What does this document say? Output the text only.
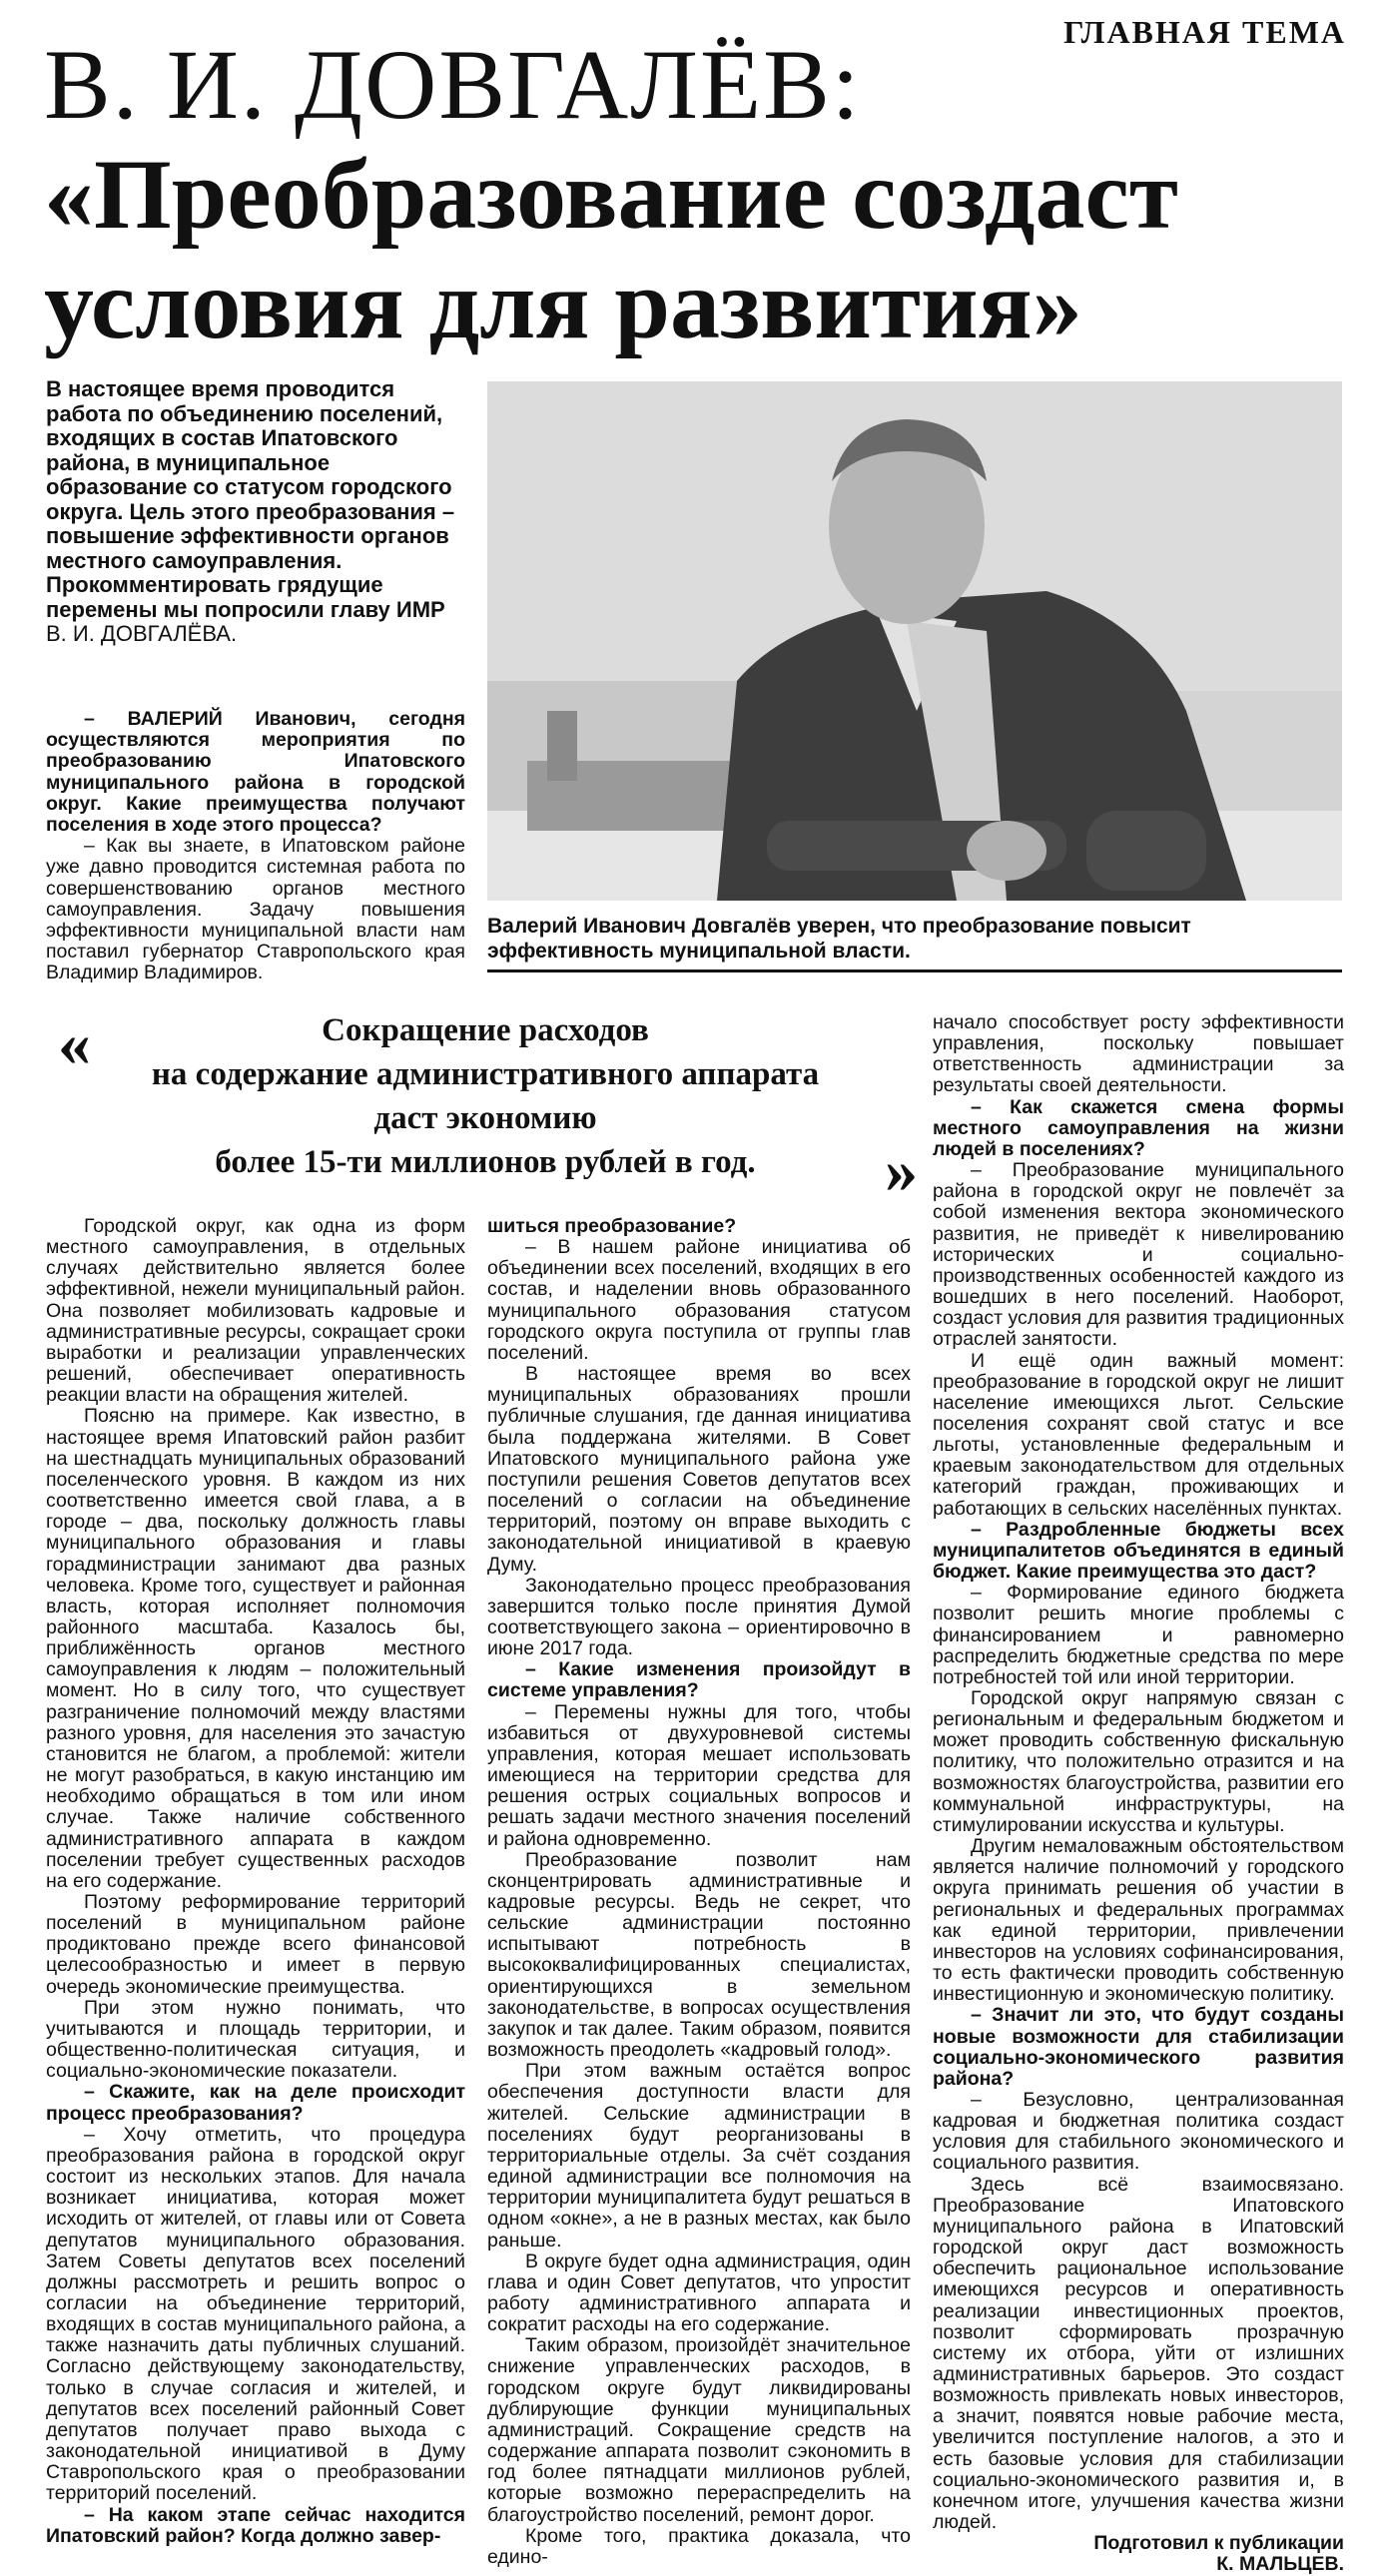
ГЛАВНАЯ ТЕМА
В. И. ДОВГАЛЁВ:
«Преобразование создаст
условия для развития»
В настоящее время проводится работа по объединению поселений, входящих в состав Ипатовского района, в муниципальное образование со статусом городского округа. Цель этого преобразования – повышение эффективности органов местного самоуправления. Прокомментировать грядущие перемены мы попросили главу ИМР В. И. ДОВГАЛЁВА.

– ВАЛЕРИЙ Иванович, сегодня осуществляются мероприятия по преобразованию Ипатовского муниципального района в городской округ. Какие преимущества получают поселения в ходе этого процесса?

– Как вы знаете, в Ипатовском районе уже давно проводится системная работа по совершенствованию органов местного самоуправления. Задачу повышения эффективности муниципальной власти нам поставил губернатор Ставропольского края Владимир Владимиров.

Валерий Иванович Довгалёв уверен, что преобразование повысит эффективность муниципальной власти.
«	Сокращение расходов
на содержание административного аппарата
даст экономию
более 15-ти миллионов рублей в год.	»

Городской округ, как одна из форм местного самоуправления, в отдельных случаях действительно является более эффективной, нежели муниципальный район. Она позволяет мобилизовать кадровые и административные ресурсы, сокращает сроки выработки и реализации управленческих решений, обеспечивает оперативность реакции власти на обращения жителей.

Поясню на примере. Как известно, в настоящее время Ипатовский район разбит на шестнадцать муниципальных образований поселенческого уровня. В каждом из них соответственно имеется свой глава, а в городе – два, поскольку должность главы муниципального образования и главы горадминистрации занимают два разных человека. Кроме того, существует и районная власть, которая исполняет полномочия районного масштаба. Казалось бы, приближённость органов местного самоуправления к людям – положительный момент. Но в силу того, что существует разграничение полномочий между властями разного уровня, для населения это зачастую становится не благом, а проблемой: жители не могут разобраться, в какую инстанцию им необходимо обращаться в том или ином случае. Также наличие собственного административного аппарата в каждом поселении требует существенных расходов на его содержание.

Поэтому реформирование территорий поселений в муниципальном районе продиктовано прежде всего финансовой целесообразностью и имеет в первую очередь экономические преимущества.

При этом нужно понимать, что учитываются и площадь территории, и общественно-политическая ситуация, и социально-экономические показатели.

– Скажите, как на деле происходит процесс преобразования?

– Хочу отметить, что процедура преобразования района в городской округ состоит из нескольких этапов. Для начала возникает инициатива, которая может исходить от жителей, от главы или от Совета депутатов муниципального образования. Затем Советы депутатов всех поселений должны рассмотреть и решить вопрос о согласии на объединение территорий, входящих в состав муниципального района, а также назначить даты публичных слушаний. Согласно действующему законодательству, только в случае согласия и жителей, и депутатов всех поселений районный Совет депутатов получает право выхода с законодательной инициативой в Думу Ставропольского края о преобразовании территорий поселений.

– На каком этапе сейчас находится Ипатовский район? Когда должно завер-

шиться преобразование?

– В нашем районе инициатива об объединении всех поселений, входящих в его состав, и наделении вновь образованного муниципального образования статусом городского округа поступила от группы глав поселений.

В настоящее время во всех муниципальных образованиях прошли публичные слушания, где данная инициатива была поддержана жителями. В Совет Ипатовского муниципального района уже поступили решения Советов депутатов всех поселений о согласии на объединение территорий, поэтому он вправе выходить с законодательной инициативой в краевую Думу.

Законодательно процесс преобразования завершится только после принятия Думой соответствующего закона – ориентировочно в июне 2017 года.

– Какие изменения произойдут в системе управления?

– Перемены нужны для того, чтобы избавиться от двухуровневой системы управления, которая мешает использовать имеющиеся на территории средства для решения острых социальных вопросов и решать задачи местного значения поселений и района одновременно.

Преобразование позволит нам сконцентрировать административные и кадровые ресурсы. Ведь не секрет, что сельские администрации постоянно испытывают потребность в высококвалифицированных специалистах, ориентирующихся в земельном законодательстве, в вопросах осуществления закупок и так далее. Таким образом, появится возможность преодолеть «кадровый голод».

При этом важным остаётся вопрос обеспечения доступности власти для жителей. Сельские администрации в поселениях будут реорганизованы в территориальные отделы. За счёт создания единой администрации все полномочия на территории муниципалитета будут решаться в одном «окне», а не в разных местах, как было раньше.

В округе будет одна администрация, один глава и один Совет депутатов, что упростит работу административного аппарата и сократит расходы на его содержание.

Таким образом, произойдёт значительное снижение управленческих расходов, в городском округе будут ликвидированы дублирующие функции муниципальных администраций. Сокращение средств на содержание аппарата позволит сэкономить в год более пятнадцати миллионов рублей, которые возможно перераспределить на благоустройство поселений, ремонт дорог.

Кроме того, практика доказала, что едино-

начало способствует росту эффективности управления, поскольку повышает ответственность администрации за результаты своей деятельности.

– Как скажется смена формы местного самоуправления на жизни людей в поселениях?

– Преобразование муниципального района в городской округ не повлечёт за собой изменения вектора экономического развития, не приведёт к нивелированию исторических и социально-производственных особенностей каждого из вошедших в него поселений. Наоборот, создаст условия для развития традиционных отраслей занятости.

И ещё один важный момент: преобразование в городской округ не лишит население имеющихся льгот. Сельские поселения сохранят свой статус и все льготы, установленные федеральным и краевым законодательством для отдельных категорий граждан, проживающих и работающих в сельских населённых пунктах.

– Раздробленные бюджеты всех муниципалитетов объединятся в единый бюджет. Какие преимущества это даст?

– Формирование единого бюджета позволит решить многие проблемы с финансированием и равномерно распределить бюджетные средства по мере потребностей той или иной территории.

Городской округ напрямую связан с региональным и федеральным бюджетом и может проводить собственную фискальную политику, что положительно отразится и на возможностях благоустройства, развитии его коммунальной инфраструктуры, на стимулировании искусства и культуры.

Другим немаловажным обстоятельством является наличие полномочий у городского округа принимать решения об участии в региональных и федеральных программах как единой территории, привлечении инвесторов на условиях софинансирования, то есть фактически проводить собственную инвестиционную и экономическую политику.

– Значит ли это, что будут созданы новые возможности для стабилизации социально-экономического развития района?

– Безусловно, централизованная кадровая и бюджетная политика создаст условия для стабильного экономического и социального развития.

Здесь всё взаимосвязано. Преобразование Ипатовского муниципального района в Ипатовский городской округ даст возможность обеспечить рациональное использование имеющихся ресурсов и оперативность реализации инвестиционных проектов, позволит сформировать прозрачную систему их отбора, уйти от излишних административных барьеров. Это создаст возможность привлекать новых инвесторов, а значит, появятся новые рабочие места, увеличится поступление налогов, а это и есть базовые условия для стабилизации социально-экономического развития и, в конечном итоге, улучшения качества жизни людей.

Подготовил к публикации

К. МАЛЬЦЕВ.
